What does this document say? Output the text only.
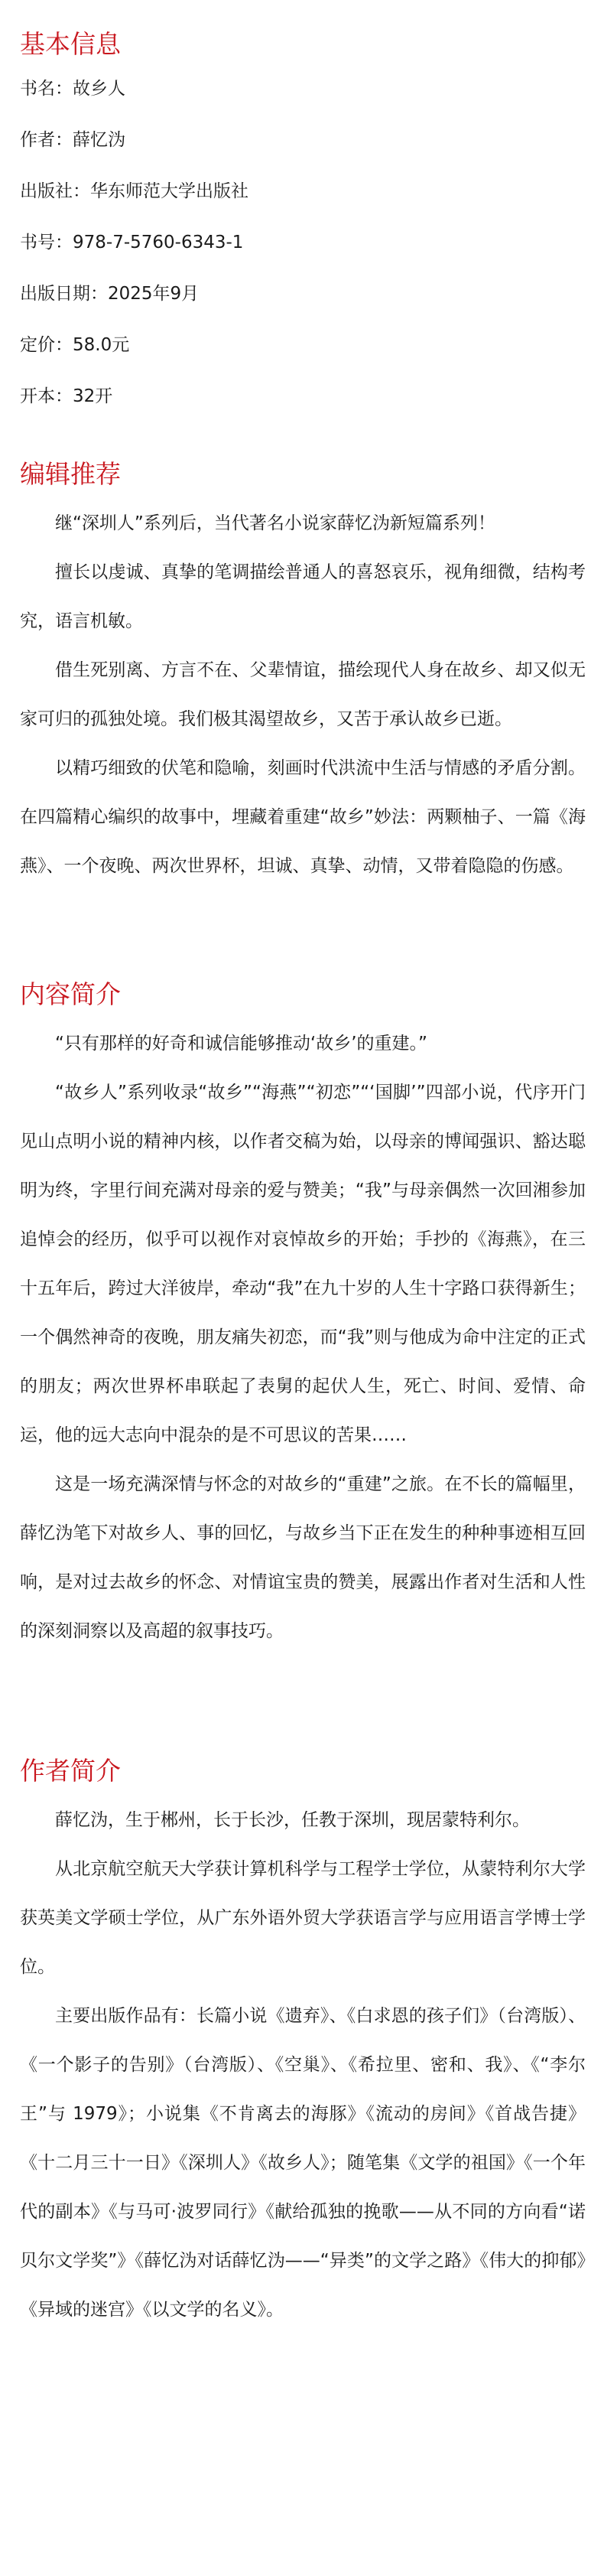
基本信息
书名：故乡人
作者：薛忆沩
出版社：华东师范大学出版社
书号：978-7-5760-6343-1
出版日期：2025年9月
定价：58.0元
开本：32开
编辑推荐

继“深圳人”系列后，当代著名小说家薛忆沩新短篇系列！

擅长以虔诚、真挚的笔调描绘普通人的喜怒哀乐，视角细微，结构考究，语言机敏。

借生死别离、方言不在、父辈情谊，描绘现代人身在故乡、却又似无家可归的孤独处境。我们极其渴望故乡，又苦于承认故乡已逝。

以精巧细致的伏笔和隐喻，刻画时代洪流中生活与情感的矛盾分割。在四篇精心编织的故事中，埋藏着重建“故乡”妙法：两颗柚子、一篇《海燕》、一个夜晚、两次世界杯，坦诚、真挚、动情，又带着隐隐的伤感。

内容简介

“只有那样的好奇和诚信能够推动‘故乡’的重建。”

“故乡人”系列收录“故乡”“海燕”“初恋”“‘国脚’”四部小说，代序开门见山点明小说的精神内核，以作者交稿为始，以母亲的博闻强识、豁达聪明为终，字里行间充满对母亲的爱与赞美；“我”与母亲偶然一次回湘参加追悼会的经历，似乎可以视作对哀悼故乡的开始；手抄的《海燕》，在三十五年后，跨过大洋彼岸，牵动“我”在九十岁的人生十字路口获得新生；一个偶然神奇的夜晚，朋友痛失初恋，而“我”则与他成为命中注定的正式的朋友；两次世界杯串联起了表舅的起伏人生，死亡、时间、爱情、命运，他的远大志向中混杂的是不可思议的苦果……

这是一场充满深情与怀念的对故乡的“重建”之旅。在不长的篇幅里，薛忆沩笔下对故乡人、事的回忆，与故乡当下正在发生的种种事迹相互回响，是对过去故乡的怀念、对情谊宝贵的赞美，展露出作者对生活和人性的深刻洞察以及高超的叙事技巧。

作者简介

薛忆沩，生于郴州，长于长沙，任教于深圳，现居蒙特利尔。

从北京航空航天大学获计算机科学与工程学士学位，从蒙特利尔大学获英美文学硕士学位，从广东外语外贸大学获语言学与应用语言学博士学位。

主要出版作品有：长篇小说《遗弃》、《白求恩的孩子们》（台湾版）、《一个影子的告别》（台湾版）、《空巢》、《希拉里、密和、我》、《“李尔王”与 1979》；小说集《不肯离去的海豚》《流动的房间》《首战告捷》《十二月三十一日》《深圳人》《故乡人》；随笔集《文学的祖国》《一个年代的副本》《与马可·波罗同行》《献给孤独的挽歌——从不同的方向看“诺贝尔文学奖”》《薛忆沩对话薛忆沩——“异类”的文学之路》《伟大的抑郁》《异域的迷宫》《以文学的名义》。
